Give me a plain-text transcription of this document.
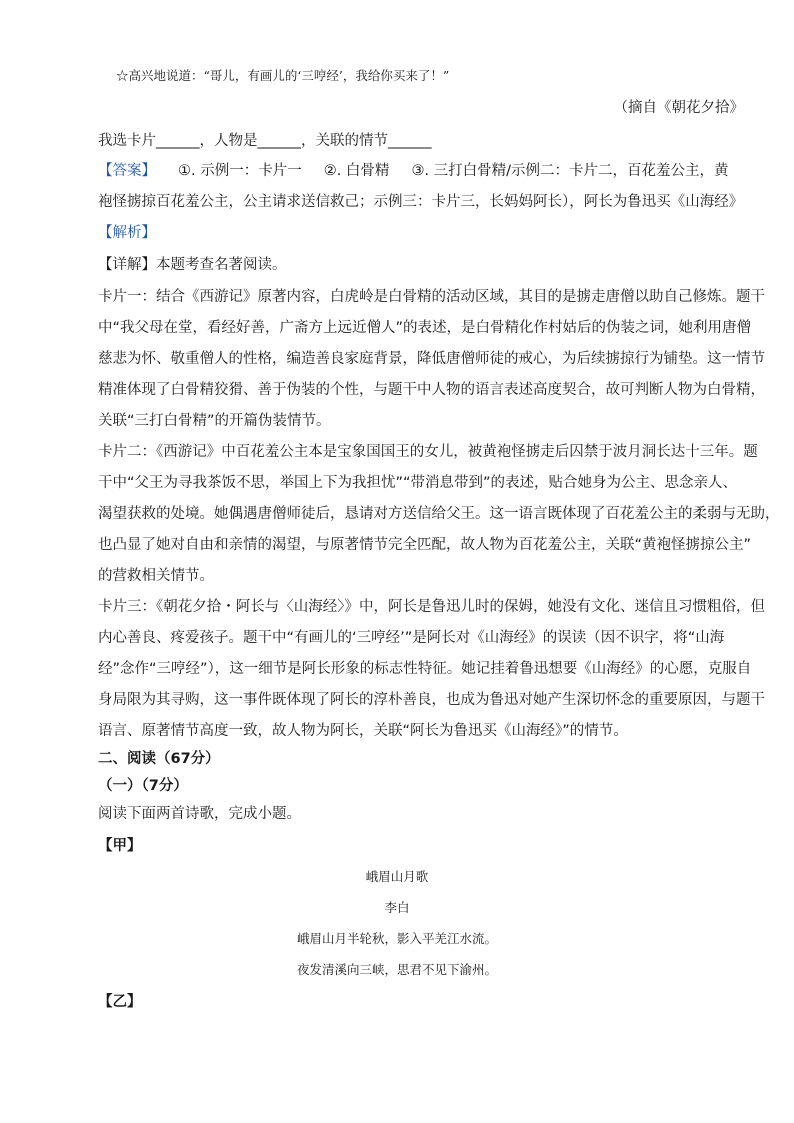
☆高兴地说道：“哥儿，有画儿的‘三哼经’，我给你买来了！”
（摘自《朝花夕拾》
我选卡片______，人物是______，关联的情节______
【答案】 ①. 示例一：卡片一 ②. 白骨精 ③. 三打白骨精/示例二：卡片二，百花羞公主，黄
袍怪掳掠百花羞公主，公主请求送信救己；示例三：卡片三，长妈妈阿长），阿长为鲁迅买《山海经》
【解析】
【详解】本题考查名著阅读。
卡片一：结合《西游记》原著内容，白虎岭是白骨精的活动区域，其目的是掳走唐僧以助自己修炼。题干
中“我父母在堂，看经好善，广斋方上远近僧人”的表述，是白骨精化作村姑后的伪装之词，她利用唐僧
慈悲为怀、敬重僧人的性格，编造善良家庭背景，降低唐僧师徒的戒心，为后续掳掠行为铺垫。这一情节
精准体现了白骨精狡猾、善于伪装的个性，与题干中人物的语言表述高度契合，故可判断人物为白骨精，
关联“三打白骨精”的开篇伪装情节。
卡片二：《西游记》中百花羞公主本是宝象国国王的女儿，被黄袍怪掳走后囚禁于波月洞长达十三年。题
干中“父王为寻我茶饭不思，举国上下为我担忧”“带消息带到”的表述，贴合她身为公主、思念亲人、
渴望获救的处境。她偶遇唐僧师徒后，恳请对方送信给父王。这一语言既体现了百花羞公主的柔弱与无助，
也凸显了她对自由和亲情的渴望，与原著情节完全匹配，故人物为百花羞公主，关联“黄袍怪掳掠公主”
的营救相关情节。
卡片三：《朝花夕拾・阿长与〈山海经〉》中，阿长是鲁迅儿时的保姆，她没有文化、迷信且习惯粗俗，但
内心善良、疼爱孩子。题干中“有画儿的‘三哼经’”是阿长对《山海经》的误读（因不识字，将“山海
经”念作“三哼经”），这一细节是阿长形象的标志性特征。她记挂着鲁迅想要《山海经》的心愿，克服自
身局限为其寻购，这一事件既体现了阿长的淳朴善良，也成为鲁迅对她产生深切怀念的重要原因，与题干
语言、原著情节高度一致，故人物为阿长，关联“阿长为鲁迅买《山海经》”的情节。
二、阅读（67分）
（一）（7分）
阅读下面两首诗歌，完成小题。
【甲】
峨眉山月歌
李白
峨眉山月半轮秋，影入平羌江水流。
夜发清溪向三峡，思君不见下渝州。
【乙】
